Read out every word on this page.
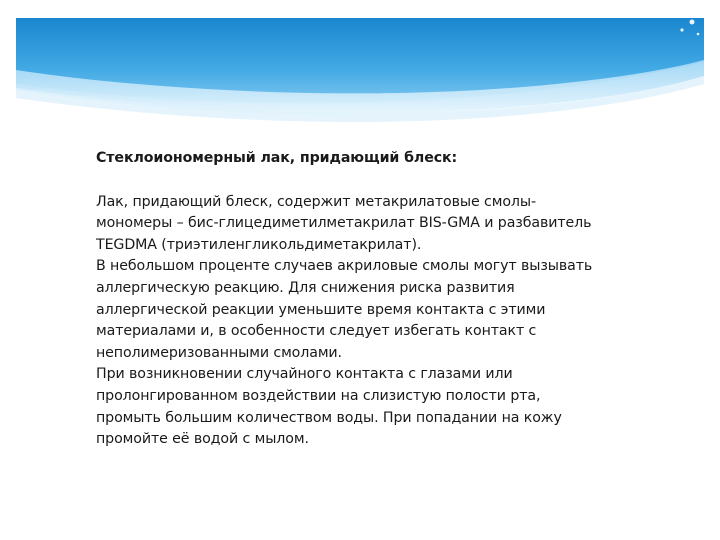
Стеклоиономерный лак, придающий блеск:
Лак, придающий блеск, содержит метакрилатовые смолы-
мономеры – бис-глицедиметилметакрилат BIS-GMA и разбавитель
TEGDMA (триэтиленгликольдиметакрилат).
В небольшом проценте случаев акриловые смолы могут вызывать
аллергическую реакцию. Для снижения риска развития
аллергической реакции уменьшите время контакта с этими
материалами и, в особенности следует избегать контакт с
неполимеризованными смолами.
При возникновении случайного контакта с глазами или
пролонгированном воздействии на слизистую полости рта,
промыть большим количеством воды. При попадании на кожу
промойте её водой с мылом.
